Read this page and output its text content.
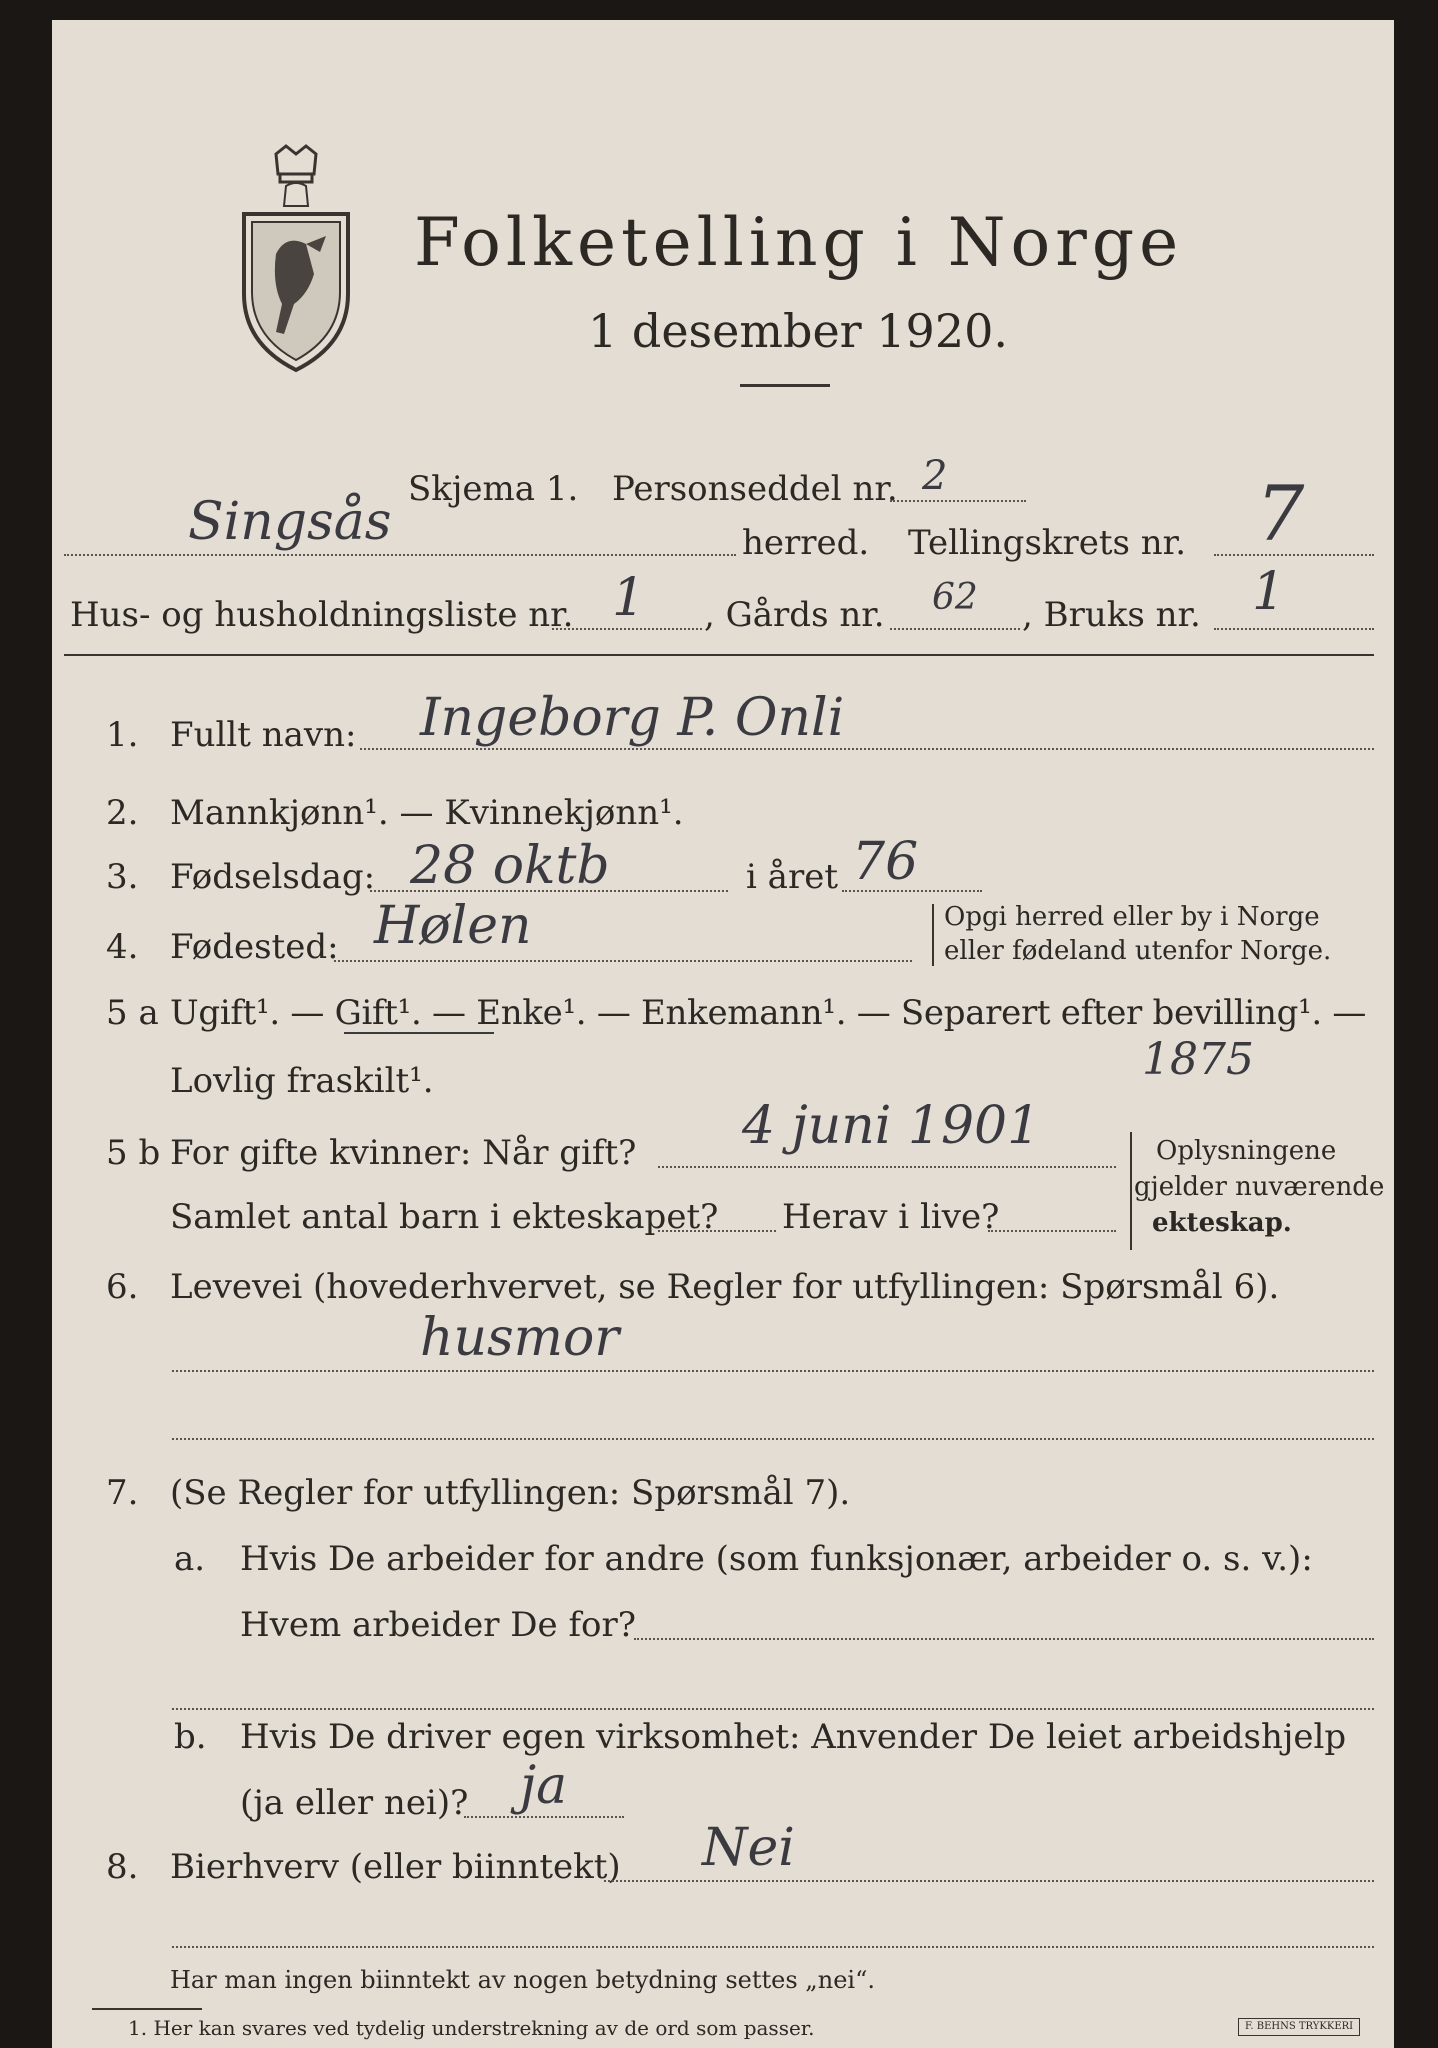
Folketelling i Norge
1 desember 1920.
Skjema 1. Personseddel nr. 2
Singsås	herred. Tellingskrets nr. 7
Hus- og husholdningsliste nr. 1 , Gårds nr. 62 , Bruks nr. 1
1. Fullt navn: Ingeborg P. Onli
2. Mannkjønn¹. — Kvinnekjønn¹.
3. Fødselsdag: 28 oktb	i året 76
4. Fødested: Hølen	Opgi herred eller by i Norge
eller fødeland utenfor Norge.
5 a Ugift¹. — Gift¹. — Enke¹. — Enkemann¹. — Separert efter bevilling¹. —
Lovlig fraskilt¹.	1875
5 b For gifte kvinner: Når gift? 4 juni 1901
Samlet antal barn i ekteskapet? Herav i live?
Oplysningene
gjelder nuværende
ekteskap.
6. Levevei (hovederhvervet, se Regler for utfyllingen: Spørsmål 6).
husmor
7. (Se Regler for utfyllingen: Spørsmål 7).
a. Hvis De arbeider for andre (som funksjonær, arbeider o. s. v.):
Hvem arbeider De for?
b. Hvis De driver egen virksomhet: Anvender De leiet arbeidshjelp
(ja eller nei)? ja
8. Bierhverv (eller biinntekt) Nei
Har man ingen biinntekt av nogen betydning settes „nei“.
1. Her kan svares ved tydelig understrekning av de ord som passer.	F. BEHNS TRYKKERI
